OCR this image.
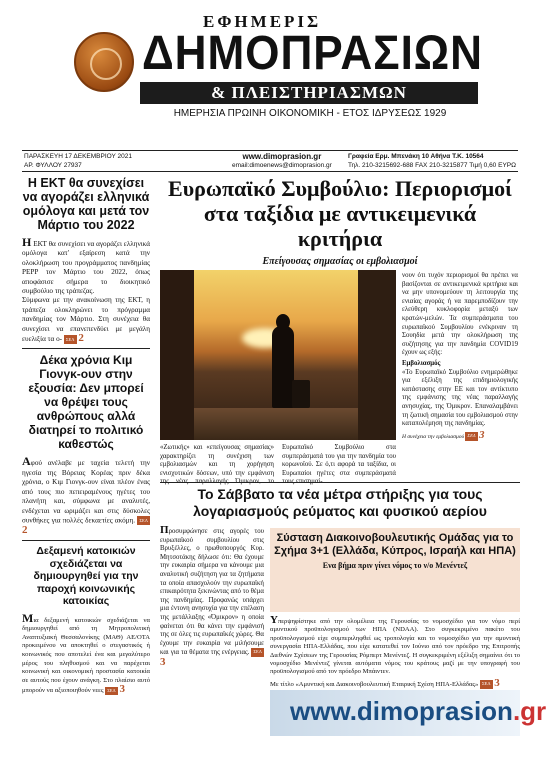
ΕΦΗΜΕΡΙΣ
ΔΗΜΟΠΡΑΣΙΩΝ
& ΠΛΕΙΣΤΗΡΙΑΣΜΩΝ
ΗΜΕΡΗΣΙΑ ΠΡΩΙΝΗ ΟΙΚΟΝΟΜΙΚΗ - ΕΤΟΣ ΙΔΡΥΣΕΩΣ 1929
ΠΑΡΑΣΚΕΥΗ 17 ΔΕΚΕΜΒΡΙΟΥ 2021
ΑΡ. ΦΥΛΛΟΥ 27937
www.dimoprasion.gr
email:dimoenews@dimoprasion.gr
Γραφεία Ερμ. Μπενάκη 10 Αθήνα Τ.Κ. 10564
Τηλ. 210-3215692-688 FAX 210-3215877 Τιμή 0,60 ΕΥΡΩ
Η ΕΚΤ θα συνεχίσει να αγοράζει ελληνικά ομόλογα και μετά τον Μάρτιο του 2022
Η ΕΚΤ θα συνεχίσει να αγοράζει ελληνικά ομόλογα κατ' εξαίρεση κατά την ολοκλήρωση του προγράμματος πανδημίας PEPP τον Μάρτιο του 2022, όπως αποφάσισε σήμερα το διοικητικό συμβούλιο της τράπεζας.
Σύμφωνα με την ανακοίνωση της ΕΚΤ, η τράπεζα ολοκληρώνει το πρόγραμμα πανδημίας τον Μάρτιο. Στη συνέχεια θα συνεχίσει να επανεπενδύει με μεγάλη ευελιξία τα ο- ΣΕΛ 2
Δέκα χρόνια Κιμ Γιονγκ-ουν στην εξουσία: Δεν μπορεί να θρέψει τους ανθρώπους αλλά διατηρεί το πολιτικό καθεστώς
Αφού ανέλαβε με ταχεία τελετή την ηγεσία της Βόρειας Κορέας πριν δέκα χρόνια, ο Κιμ Γιονγκ-ουν είναι πλέον ένας από τους πιο πεπειραμένους ηγέτες του πλανήτη και, σύμφωνα με αναλυτές, ενδέχεται να ωριμάζει και στις δύσκολες συνθήκες για πολλές δεκαετίες ακόμη. ΣΕΛ 2
Δεξαμενή κατοικιών σχεδιάζεται να δημιουργηθεί για την παροχή κοινωνικής κατοικίας
Μια δεξαμενή κατοικιών σχεδιάζεται να δημιουργηθεί από τη Μητροπολιτική Αναπτυξιακή Θεσσαλονίκης (ΜΑΘ) ΑΕ/ΟΤΑ προκειμένου να αποκτηθεί ο στεγαστικός ή κοινωνικός που αποτελεί ένα και μεγαλύτερο μέρος του πληθυσμού και να παρέχεται κοινωνική και οικονομική προστασία κατοικία σε αυτούς που έχουν ανάγκη. Στο πλαίσιο αυτό μπορούν να αξιοποιηθούν νεες ΣΕΛ 3
Ευρωπαϊκό Συμβούλιο: Περιορισμοί στα ταξίδια με αντικειμενικά κριτήρια
Επείγουσας σημασίας οι εμβολιασμοί
νουν ότι τυχόν περιορισμοί θα πρέπει να βασίζονται σε αντικειμενικά κριτήρια και να μην υπονομεύουν τη λειτουργία της ενιαίας αγοράς ή να παρεμποδίζουν την ελεύθερη κυκλοφορία μεταξύ των κρατών-μελών. Τα συμπεράσματα του ευρωπαϊκού Συμβουλίου ενέκριναν τη Σουηδία μετά την ολοκλήρωση της συζήτησης για την πανδημία COVID19 έχουν ως εξής:
Εμβολιασμός
«Το Ευρωπαϊκό Συμβούλιο ενημερώθηκε για εξέλιξη της επιδημιολογικής κατάστασης στην ΕΕ και τον αντίκτυπο της εμφάνισης της νέας παραλλαγής ανησυχίας, της Όμικρον. Επαναλαμβάνει τη ζωτική σημασία του εμβολιασμού στην καταπολέμηση της πανδημίας.
Η συνέχεια την εμβολιασμού ΣΕΛ 3
«Ζωτικής» και «επείγουσας σημασίας» χαρακτηρίζει τη συνέχιση των εμβολιασμών και τη χορήγηση ενισχυτικών δόσεων, υπό την εμφάνιση της νέας παραλλαγής Όμικρον, το Ευρωπαϊκό Συμβούλιο στα συμπεράσματά του για την πανδημία του κορωνοϊού. Σε ό,τι αφορά τα ταξίδια, οι Ευρωπαίοι ηγέτες στα συμπεράσματά τους επισημαί-
Το Σάββατο τα νέα μέτρα στήριξης για τους λογαριασμούς ρεύματος και φυσικού αερίου
Προσυμφώνησε στις αγορές του ευρωπαϊκού συμβουλίου στις Βρυξέλλες, ο πρωθυπουργός Κυρ. Μητσοτάκης δήλωσε ότι: Θα έχουμε την ευκαιρία σήμερα να κάνουμε μια αναλυτική συζήτηση για τα ζητήματα τα οποία απασχολούν την ευρωπαϊκή επικαιρότητα ξεκινώντας από το θέμα της πανδημίας. Προφανώς υπάρχει μια έντονη ανησυχία για την επέλαση της μετάλλαξης «Όμικρον» η οποία φαίνεται ότι θα κάνει την εμφάνισή της σε όλες τις ευρωπαϊκές χώρες. Θα έχουμε την ευκαιρία να μιλήσουμε και για τα θέματα της ενέργειας. ΣΕΛ 3
Σύσταση Διακοινοβουλευτικής Ομάδας για το Σχήμα 3+1 (Ελλάδα, Κύπρος, Ισραήλ και ΗΠΑ)
Ενα βήμα πριν γίνει νόμος το ν/ο Μενέντεζ
Υπερψηφίστηκε από την ολομέλεια της Γερουσίας το νομοσχέδιο για τον νόμο περί αμυντικού προϋπολογισμού των ΗΠΑ (NDAA). Στο συγκεκριμένο πακέτο του προϋπολογισμού είχε συμπεριληφθεί ως τροπολογία και το νομοσχέδιο για την αμυντική συνεργασία ΗΠΑ-Ελλάδας, που είχε κατατεθεί τον Ιούνιο από τον πρόεδρο της Επιτροπής Διεθνών Σχέσεων της Γερουσίας Ρόμπερτ Μενέντεζ. Η συγκεκριμένη εξέλιξη σημαίνει ότι το νομοσχέδιο Μενέντεζ γίνεται αυτόματα νόμος του κράτους μαζί με την υπογραφή του προϋπολογισμού από τον πρόεδρο Μπάιντεν.
Με τίτλο «Αμυντική και Διακοινοβουλευτική Εταιρική Σχέση ΗΠΑ-Ελλάδας» ΣΕΛ 3
www.dimoprasion.gr
